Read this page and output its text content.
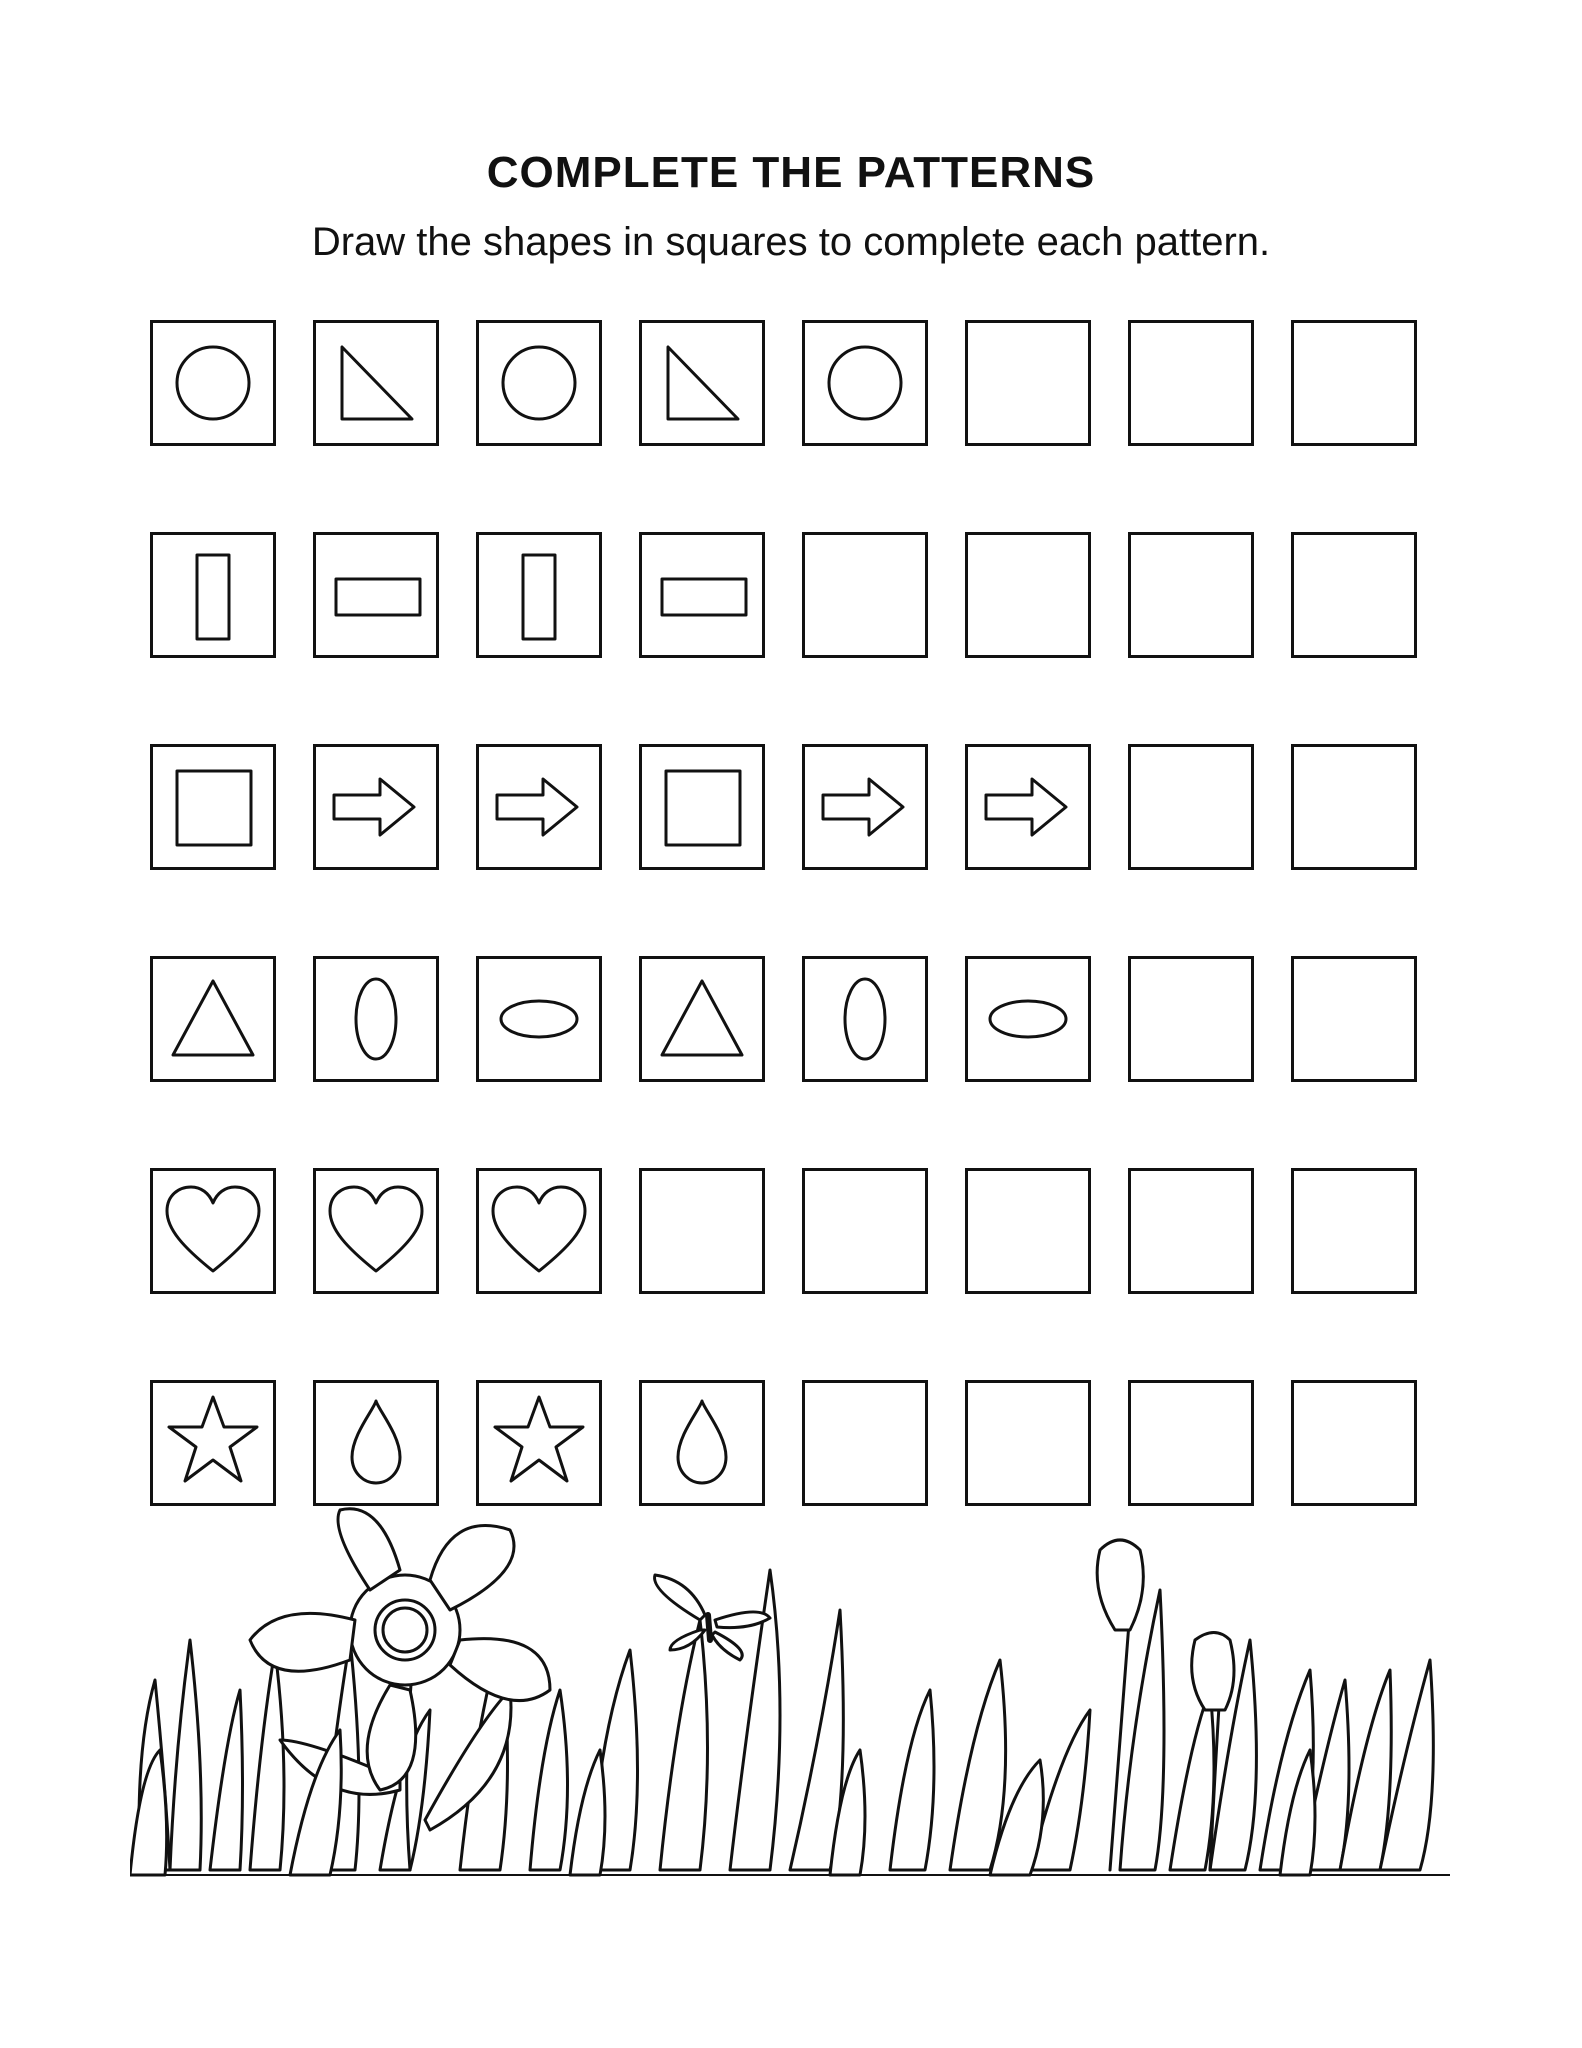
COMPLETE THE PATTERNS

Draw the shapes in squares to complete each pattern.
